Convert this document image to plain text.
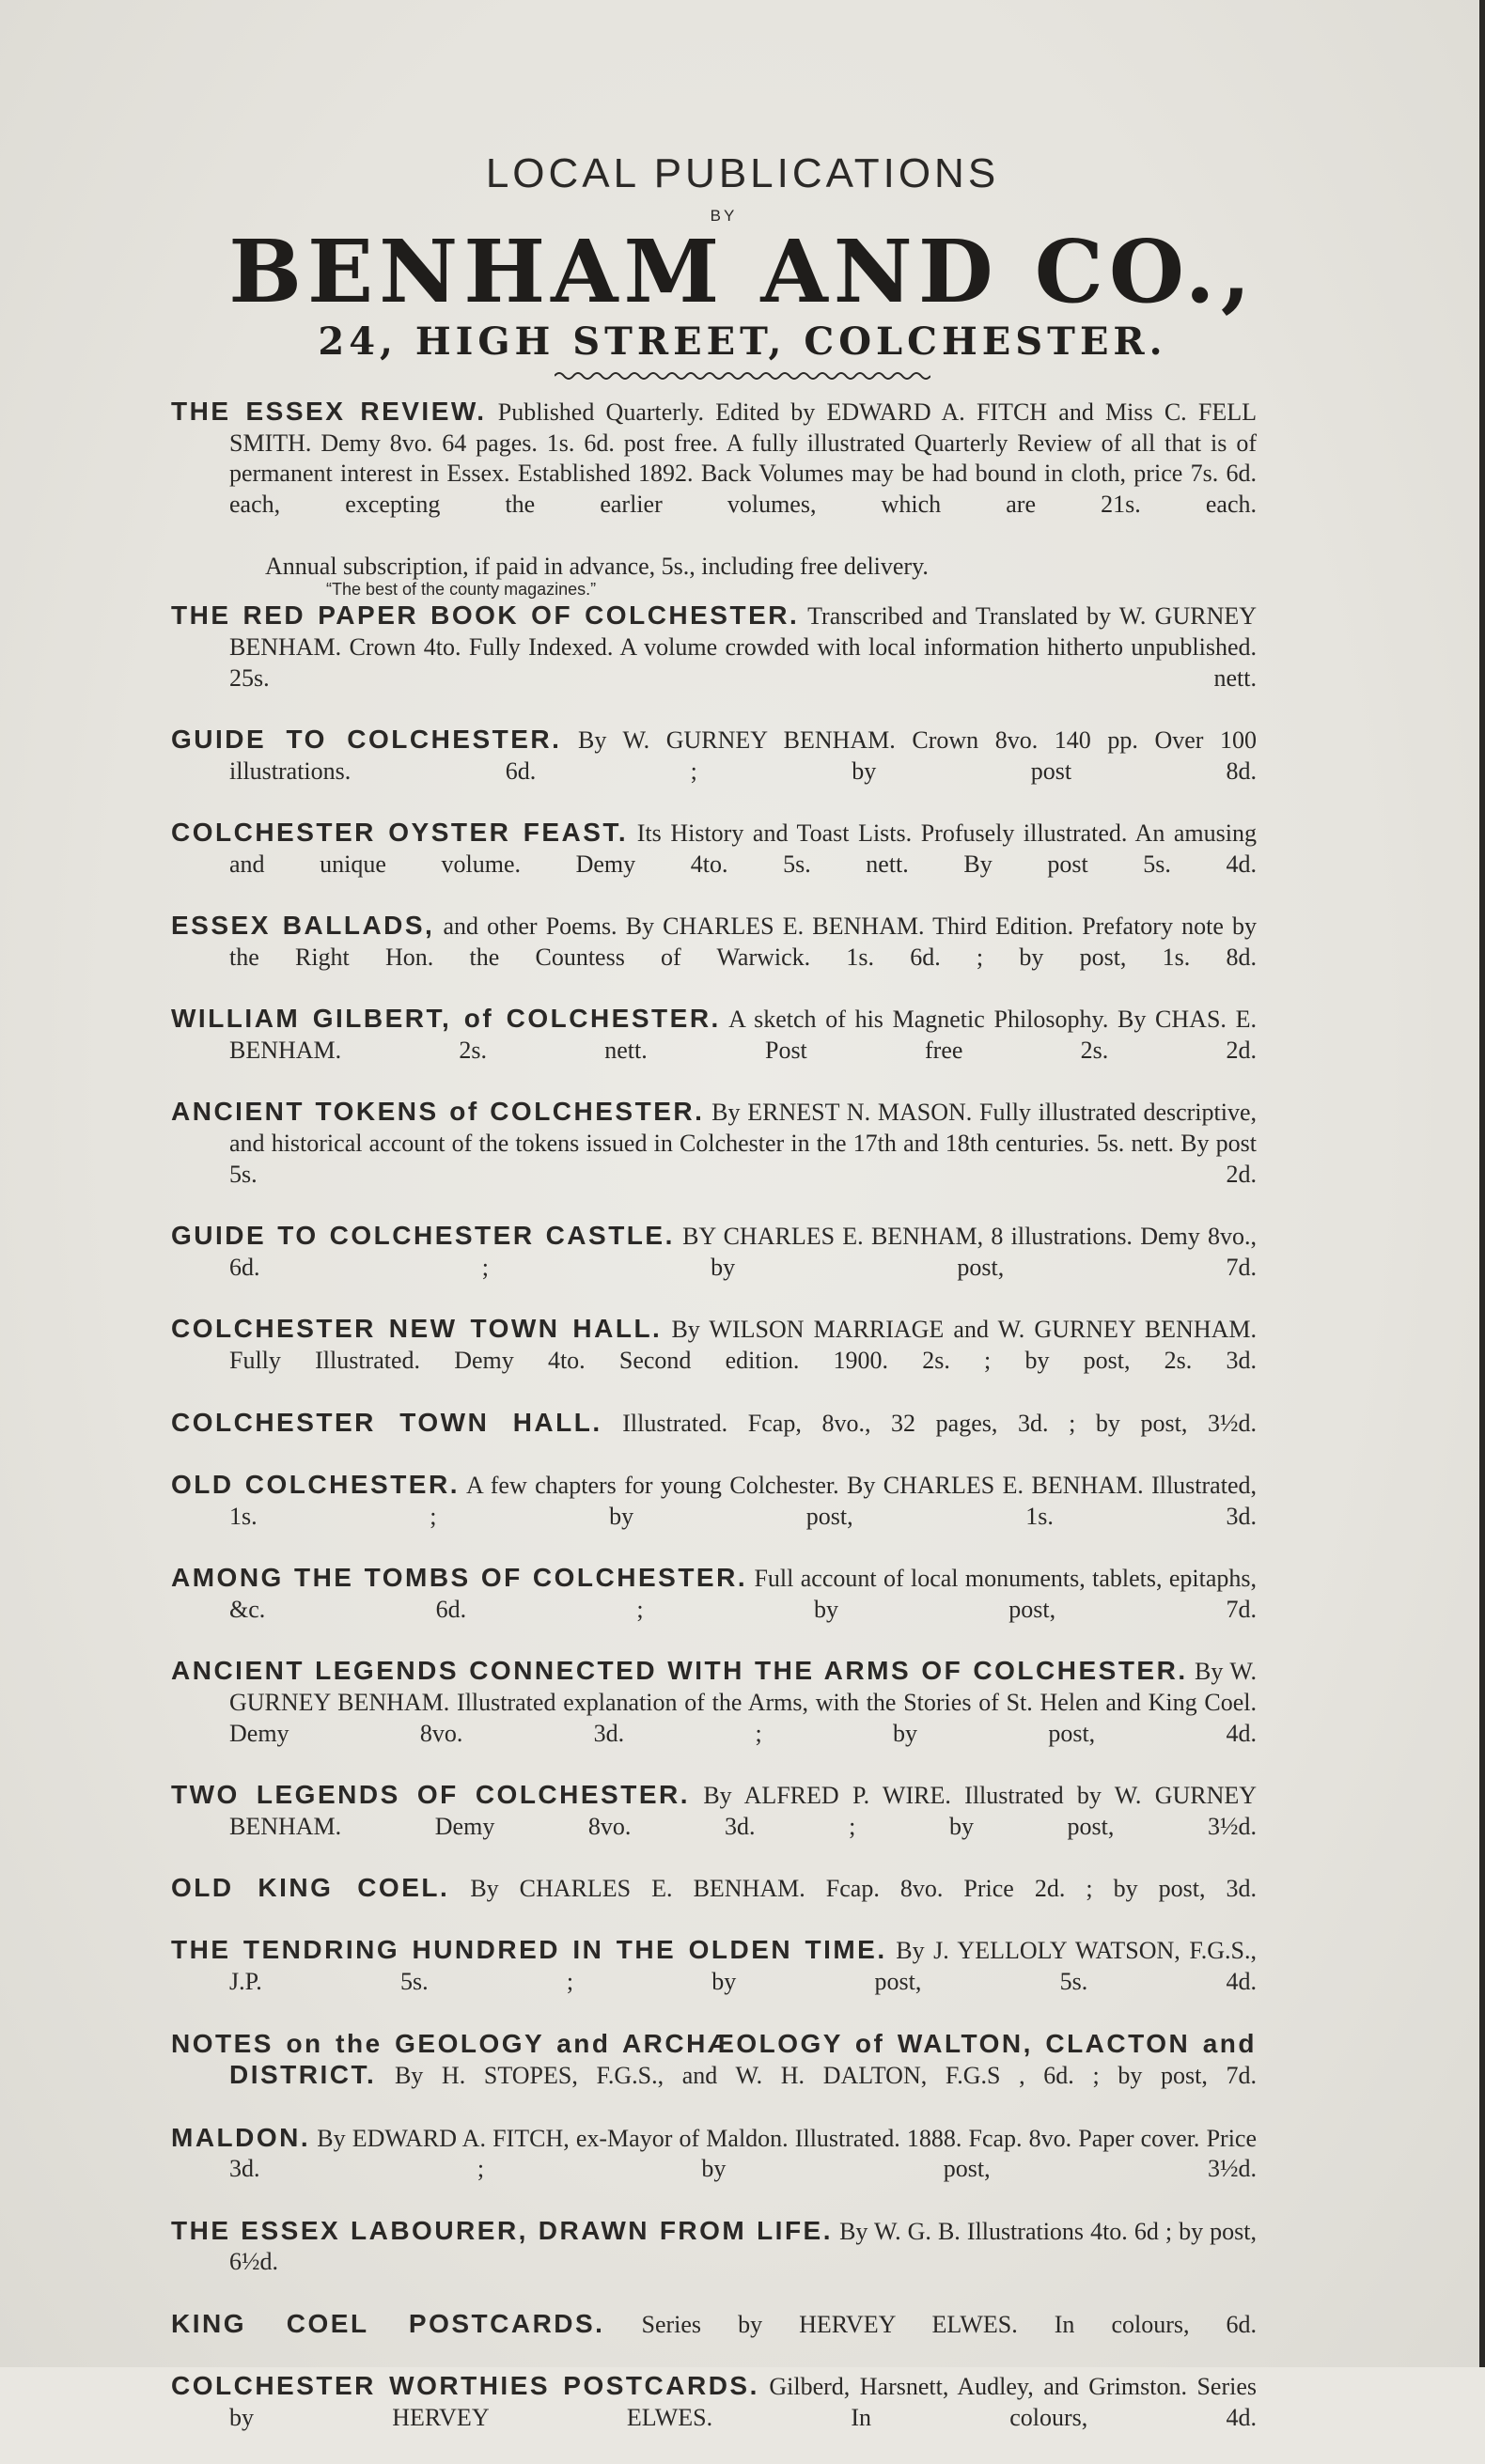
LOCAL PUBLICATIONS
BY
BENHAM AND CO.,
24, HIGH STREET, COLCHESTER.
THE ESSEX REVIEW. Published Quarterly. Edited by EDWARD A. FITCH and Miss C. FELL SMITH. Demy 8vo. 64 pages. 1s. 6d. post free. A fully illustrated Quarterly Review of all that is of permanent interest in Essex. Established 1892. Back Volumes may be had bound in cloth, price 7s. 6d. each, excepting the earlier volumes, which are 21s. each.
Annual subscription, if paid in advance, 5s., including free delivery.
“The best of the county magazines.”
THE RED PAPER BOOK OF COLCHESTER. Transcribed and Translated by W. GURNEY BENHAM. Crown 4to. Fully Indexed. A volume crowded with local information hitherto unpublished. 25s. nett.
GUIDE TO COLCHESTER. By W. GURNEY BENHAM. Crown 8vo. 140 pp. Over 100 illustrations. 6d. ; by post 8d.
COLCHESTER OYSTER FEAST. Its History and Toast Lists. Profusely illustrated. An amusing and unique volume. Demy 4to. 5s. nett. By post 5s. 4d.
ESSEX BALLADS, and other Poems. By CHARLES E. BENHAM. Third Edition. Prefatory note by the Right Hon. the Countess of Warwick. 1s. 6d. ; by post, 1s. 8d.
WILLIAM GILBERT, of COLCHESTER. A sketch of his Magnetic Philosophy. By CHAS. E. BENHAM. 2s. nett. Post free 2s. 2d.
ANCIENT TOKENS of COLCHESTER. By ERNEST N. MASON. Fully illustrated descriptive, and historical account of the tokens issued in Colchester in the 17th and 18th centuries. 5s. nett. By post 5s. 2d.
GUIDE TO COLCHESTER CASTLE. BY CHARLES E. BENHAM, 8 illustrations. Demy 8vo., 6d. ; by post, 7d.
COLCHESTER NEW TOWN HALL. By WILSON MARRIAGE and W. GURNEY BENHAM. Fully Illustrated. Demy 4to. Second edition. 1900. 2s. ; by post, 2s. 3d.
COLCHESTER TOWN HALL. Illustrated. Fcap, 8vo., 32 pages, 3d. ; by post, 3½d.
OLD COLCHESTER. A few chapters for young Colchester. By CHARLES E. BENHAM. Illustrated, 1s. ; by post, 1s. 3d.
AMONG THE TOMBS OF COLCHESTER. Full account of local monuments, tablets, epitaphs, &c. 6d. ; by post, 7d.
ANCIENT LEGENDS CONNECTED WITH THE ARMS OF COLCHESTER. By W. GURNEY BENHAM. Illustrated explanation of the Arms, with the Stories of St. Helen and King Coel. Demy 8vo. 3d. ; by post, 4d.
TWO LEGENDS OF COLCHESTER. By ALFRED P. WIRE. Illustrated by W. GURNEY BENHAM. Demy 8vo. 3d. ; by post, 3½d.
OLD KING COEL. By CHARLES E. BENHAM. Fcap. 8vo. Price 2d. ; by post, 3d.
THE TENDRING HUNDRED IN THE OLDEN TIME. By J. YELLOLY WATSON, F.G.S., J.P. 5s. ; by post, 5s. 4d.
NOTES on the GEOLOGY and ARCHÆOLOGY of WALTON, CLACTON and DISTRICT. By H. STOPES, F.G.S., and W. H. DALTON, F.G.S , 6d. ; by post, 7d.
MALDON. By EDWARD A. FITCH, ex-Mayor of Maldon. Illustrated. 1888. Fcap. 8vo. Paper cover. Price 3d. ; by post, 3½d.
THE ESSEX LABOURER, DRAWN FROM LIFE. By W. G. B. Illustrations 4to. 6d ; by post, 6½d.
KING COEL POSTCARDS. Series by HERVEY ELWES. In colours, 6d.
COLCHESTER WORTHIES POSTCARDS. Gilberd, Harsnett, Audley, and Grimston. Series by HERVEY ELWES. In colours, 4d.
